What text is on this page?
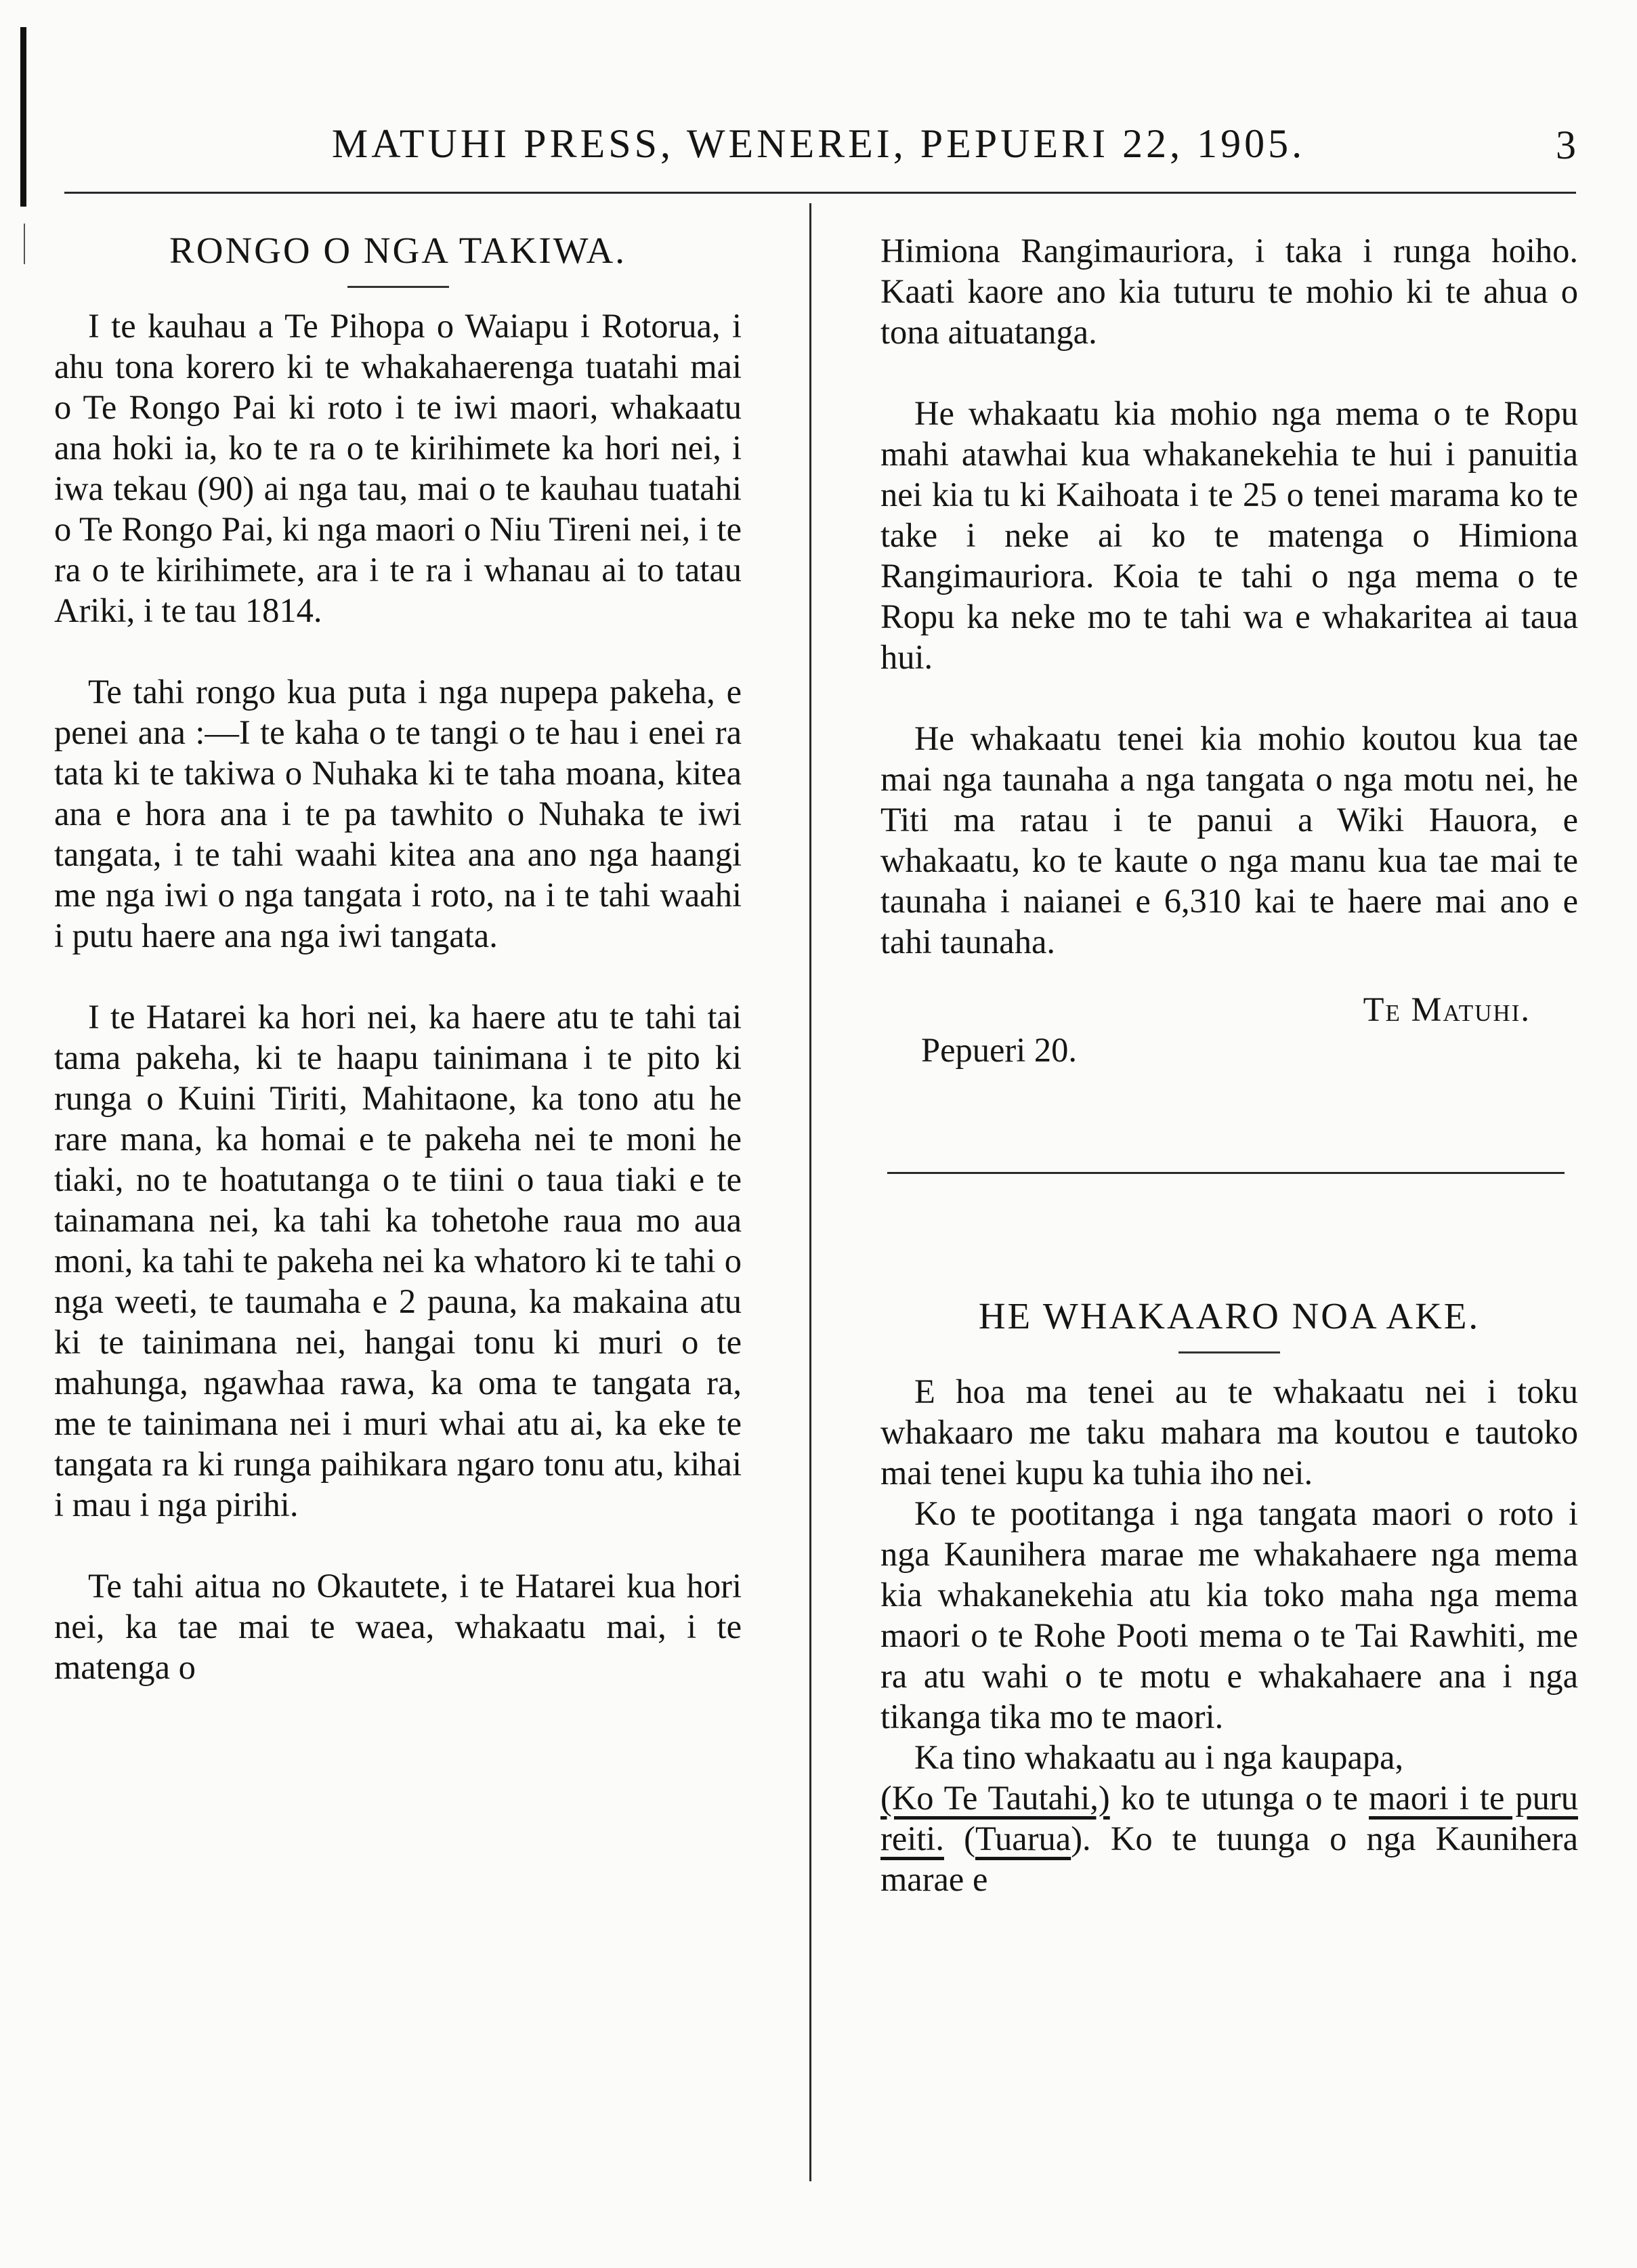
MATUHI PRESS, WENEREI, PEPUERI 22, 1905.	3
RONGO O NGA TAKIWA.

I te kauhau a Te Pihopa o Waiapu i Rotorua, i ahu tona korero ki te whakahaerenga tuatahi mai o Te Rongo Pai ki roto i te iwi maori, whakaatu ana hoki ia, ko te ra o te kirihimete ka hori nei, i iwa tekau (90) ai nga tau, mai o te kauhau tuatahi o Te Rongo Pai, ki nga maori o Niu Tireni nei, i te ra o te kirihimete, ara i te ra i whanau ai to tatau Ariki, i te tau 1814.

Te tahi rongo kua puta i nga nupepa pakeha, e penei ana :—I te kaha o te tangi o te hau i enei ra tata ki te takiwa o Nuhaka ki te taha moana, kitea ana e hora ana i te pa tawhito o Nuhaka te iwi tangata, i te tahi waahi kitea ana ano nga haangi me nga iwi o nga tangata i roto, na i te tahi waahi i putu haere ana nga iwi tangata.

I te Hatarei ka hori nei, ka haere atu te tahi tai tama pakeha, ki te haapu tainimana i te pito ki runga o Kuini Tiriti, Mahitaone, ka tono atu he rare mana, ka homai e te pakeha nei te moni he tiaki, no te hoatutanga o te tiini o taua tiaki e te tainamana nei, ka tahi ka tohetohe raua mo aua moni, ka tahi te pakeha nei ka whatoro ki te tahi o nga weeti, te taumaha e 2 pauna, ka makaina atu ki te tainimana nei, hangai tonu ki muri o te mahunga, ngawhaa rawa, ka oma te tangata ra, me te tainimana nei i muri whai atu ai, ka eke te tangata ra ki runga paihikara ngaro tonu atu, kihai i mau i nga pirihi.

Te tahi aitua no Okautete, i te Hatarei kua hori nei, ka tae mai te waea, whakaatu mai, i te matenga o

Himiona Rangimauriora, i taka i runga hoiho. Kaati kaore ano kia tuturu te mohio ki te ahua o tona aituatanga.

He whakaatu kia mohio nga mema o te Ropu mahi atawhai kua whakanekehia te hui i panuitia nei kia tu ki Kaihoata i te 25 o tenei marama ko te take i neke ai ko te matenga o Himiona Rangimauriora. Koia te tahi o nga mema o te Ropu ka neke mo te tahi wa e whakaritea ai taua hui.

He whakaatu tenei kia mohio koutou kua tae mai nga taunaha a nga tangata o nga motu nei, he Titi ma ratau i te panui a Wiki Hauora, e whakaatu, ko te kaute o nga manu kua tae mai te taunaha i naianei e 6,310 kai te haere mai ano e tahi taunaha.

Te Matuhi.
Pepueri 20.
HE WHAKAARO NOA AKE.

E hoa ma tenei au te whakaatu nei i toku whakaaro me taku mahara ma koutou e tautoko mai tenei kupu ka tuhia iho nei.

Ko te pootitanga i nga tangata maori o roto i nga Kaunihera marae me whakahaere nga mema kia whakanekehia atu kia toko maha nga mema maori o te Rohe Pooti mema o te Tai Rawhiti, me ra atu wahi o te motu e whakahaere ana i nga tikanga tika mo te maori.

Ka tino whakaatu au i nga kaupapa,
(Ko Te Tautahi,) ko te utunga o te maori i te puru reiti. (Tuarua). Ko te tuunga o nga Kaunihera marae e
